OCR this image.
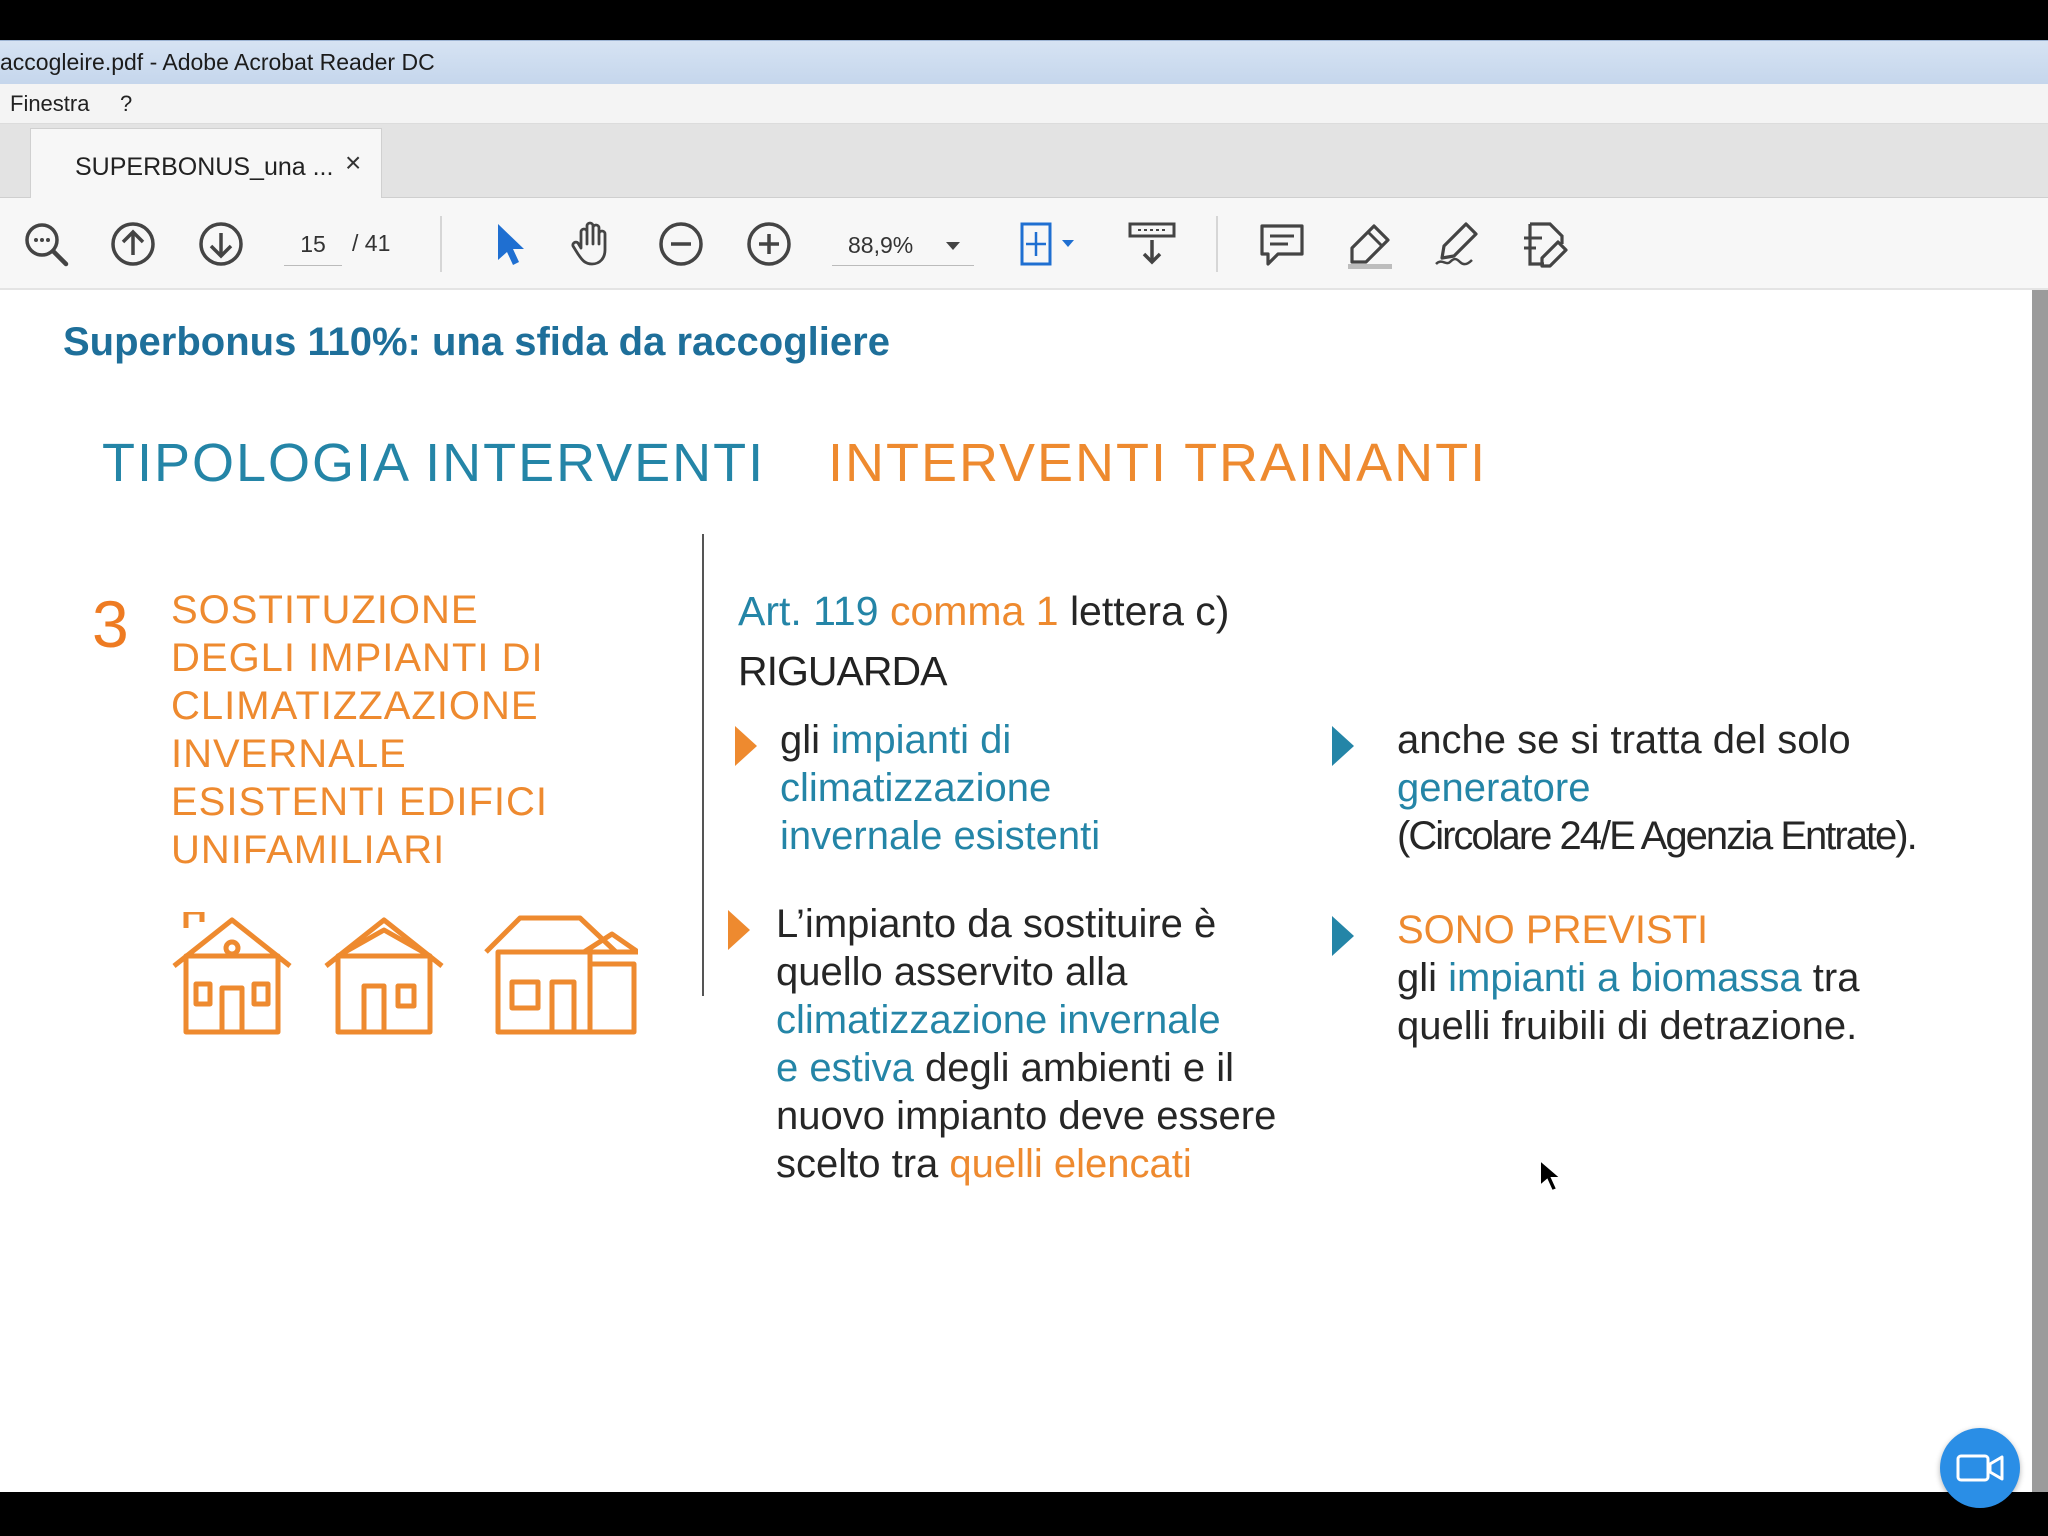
accogleire.pdf - Adobe Acrobat Reader DC
Finestra ?
SUPERBONUS_una ... ×
15	/ 41	88,9%
Superbonus 110%: una sfida da raccogliere
TIPOLOGIA INTERVENTI INTERVENTI TRAINANTI
3 SOSTITUZIONE
DEGLI IMPIANTI DI
CLIMATIZZAZIONE
INVERNALE
ESISTENTI EDIFICI
UNIFAMILIARI
Art. 119 comma 1 lettera c)
RIGUARDA
gli impianti di
climatizzazione
invernale esistenti
L’impianto da sostituire è
quello asservito alla
climatizzazione invernale
e estiva degli ambienti e il
nuovo impianto deve essere
scelto tra quelli elencati
anche se si tratta del solo
generatore
(Circolare 24/E Agenzia Entrate).
SONO PREVISTI
gli impianti a biomassa tra
quelli fruibili di detrazione.
